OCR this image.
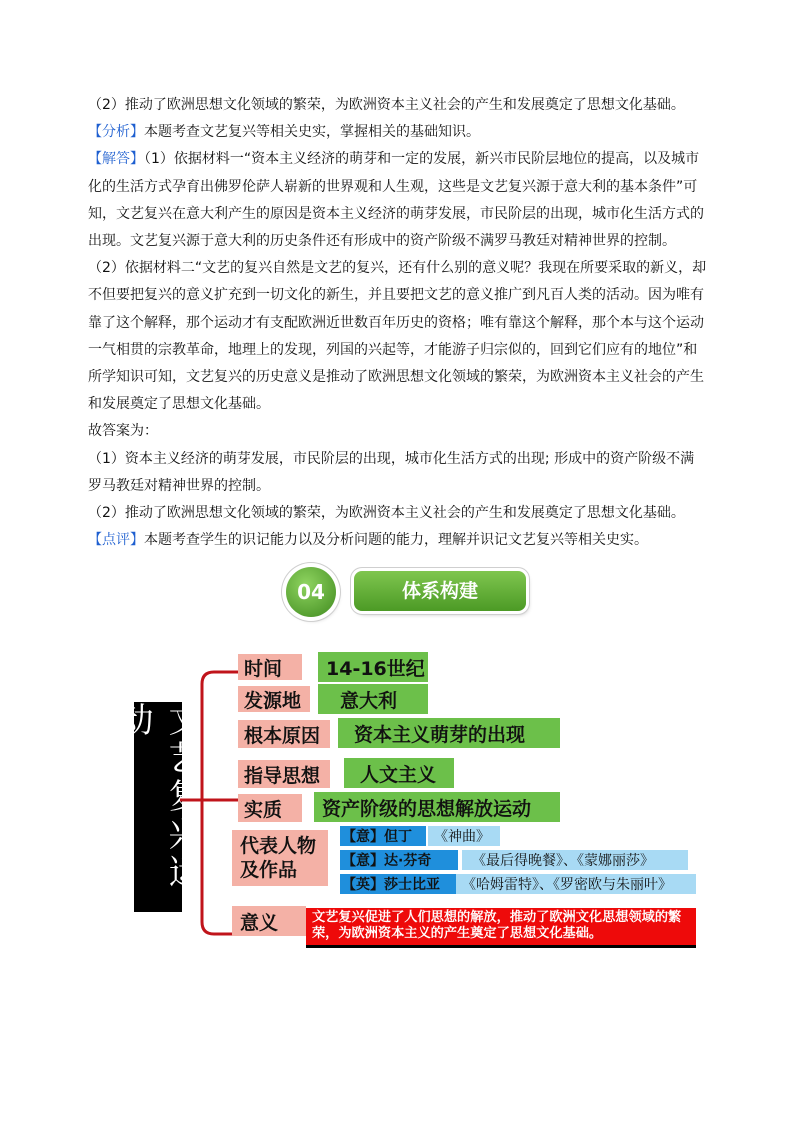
（2）推动了欧洲思想文化领域的繁荣，为欧洲资本主义社会的产生和发展奠定了思想文化基础。

【分析】本题考查文艺复兴等相关史实，掌握相关的基础知识。

【解答】（1）依据材料一“资本主义经济的萌芽和一定的发展，新兴市民阶层地位的提高，以及城市化的生活方式孕育出佛罗伦萨人崭新的世界观和人生观，这些是文艺复兴源于意大利的基本条件”可知，文艺复兴在意大利产生的原因是资本主义经济的萌芽发展，市民阶层的出现，城市化生活方式的出现。文艺复兴源于意大利的历史条件还有形成中的资产阶级不满罗马教廷对精神世界的控制。

（2）依据材料二“文艺的复兴自然是文艺的复兴，还有什么别的意义呢？我现在所要采取的新义，却不但要把复兴的意义扩充到一切文化的新生，并且要把文艺的意义推广到凡百人类的活动。因为唯有靠了这个解释，那个运动才有支配欧洲近世数百年历史的资格；唯有靠这个解释，那个本与这个运动一气相贯的宗教革命，地理上的发现，列国的兴起等，才能游子归宗似的，回到它们应有的地位”和所学知识可知，文艺复兴的历史意义是推动了欧洲思想文化领域的繁荣，为欧洲资本主义社会的产生和发展奠定了思想文化基础。

故答案为：

（1）资本主义经济的萌芽发展，市民阶层的出现，城市化生活方式的出现; 形成中的资产阶级不满罗马教廷对精神世界的控制。

（2）推动了欧洲思想文化领域的繁荣，为欧洲资本主义社会的产生和发展奠定了思想文化基础。

【点评】本题考查学生的识记能力以及分析问题的能力，理解并识记文艺复兴等相关史实。

04	体系构建
文艺复兴运动
时间	14-16世纪
发源地	意大利
根本原因	资本主义萌芽的出现
指导思想	人文主义
实质	资产阶级的思想解放运动
代表人物及作品
【意】但丁	《神曲》
【意】达·芬奇	《最后得晚餐》、《蒙娜丽莎》
【英】莎士比亚	《哈姆雷特》、《罗密欧与朱丽叶》
意义	文艺复兴促进了人们思想的解放，推动了欧洲文化思想领域的繁荣，为欧洲资本主义的产生奠定了思想文化基础。
